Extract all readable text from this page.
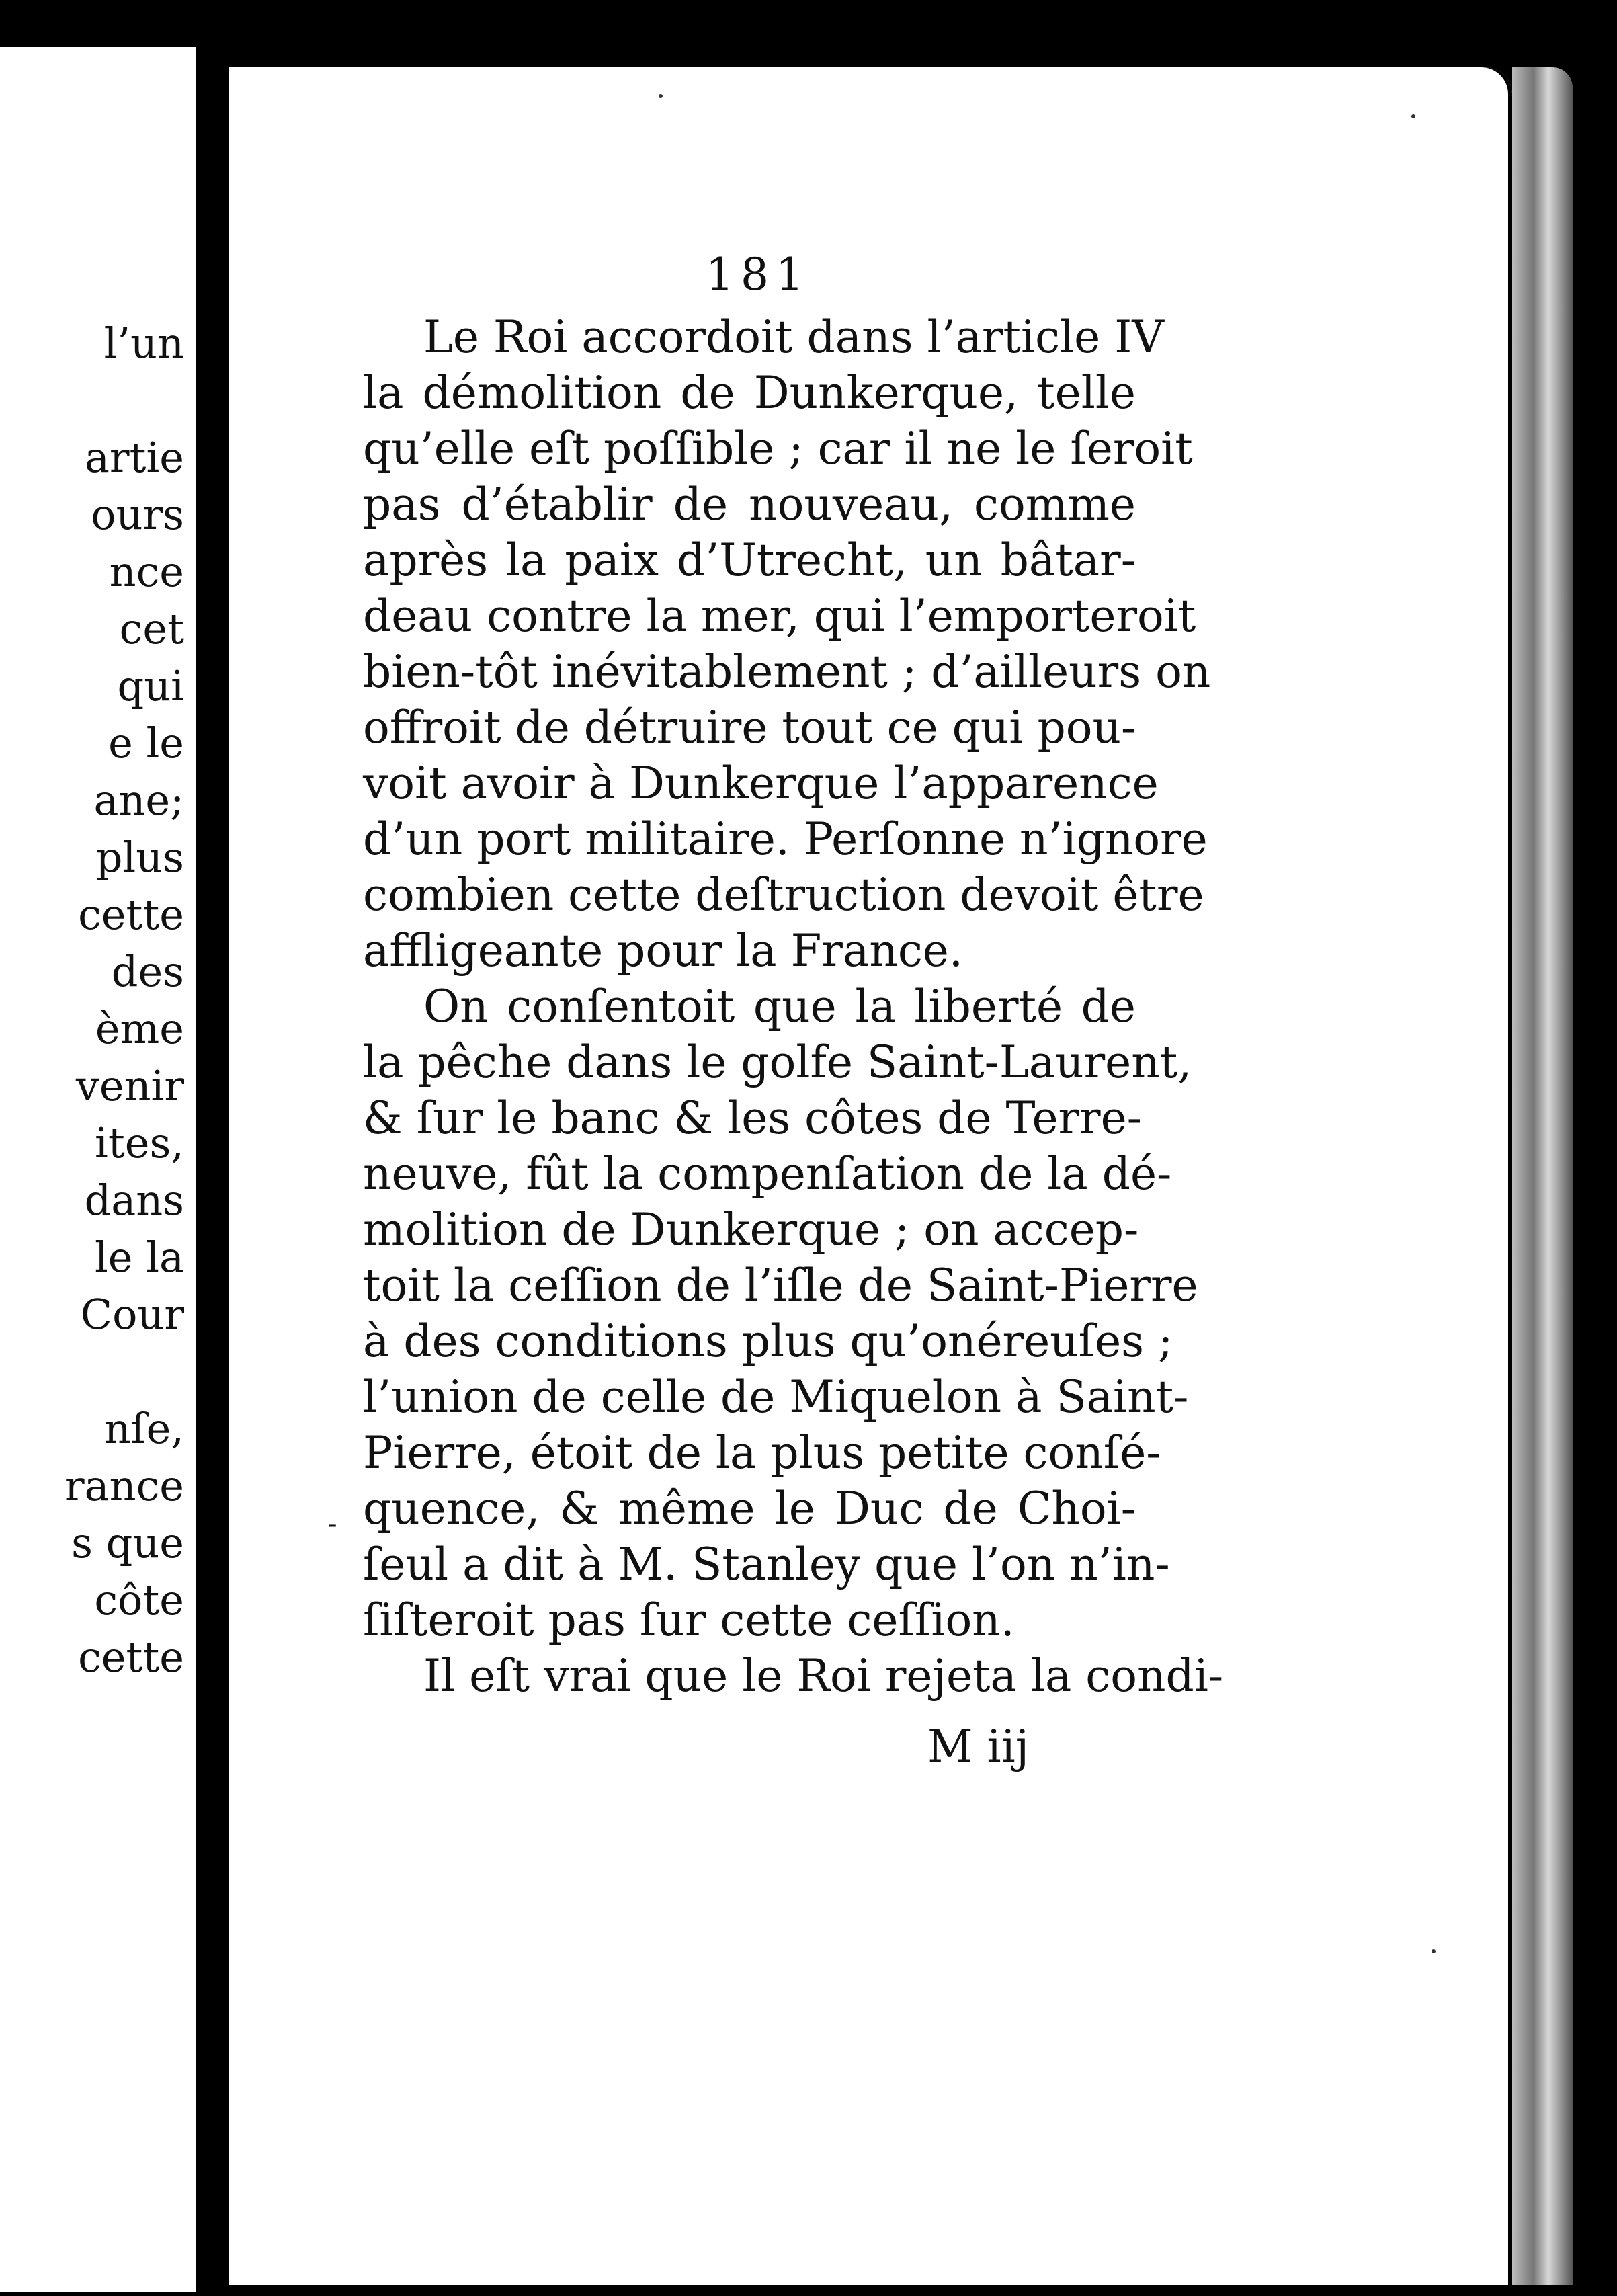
l’un
artie
ours
nce
cet
qui
e le
ane;
plus
cette
des
ème
venir
ites,
dans
le la
Cour
nſe,
rance
s que
côte
cette
181
Le Roi accordoit dans l’article IV
la démolition de Dunkerque, telle
qu’elle eſt poſſible ; car il ne le ſeroit
pas d’établir de nouveau, comme
après la paix d’Utrecht, un bâtar-
deau contre la mer, qui l’emporteroit
bien-tôt inévitablement ; d’ailleurs on
offroit de détruire tout ce qui pou-
voit avoir à Dunkerque l’apparence
d’un port militaire. Perſonne n’ignore
combien cette deſtruction devoit être
affligeante pour la France.
On conſentoit que la liberté de
la pêche dans le golfe Saint-Laurent,
& ſur le banc & les côtes de Terre-
neuve, fût la compenſation de la dé-
molition de Dunkerque ; on accep-
toit la ceſſion de l’iſle de Saint-Pierre
à des conditions plus qu’onéreuſes ;
l’union de celle de Miquelon à Saint-
Pierre, étoit de la plus petite conſé-
quence, & même le Duc de Choi-
ſeul a dit à M. Stanley que l’on n’in-
ſiſteroit pas ſur cette ceſſion.
Il eſt vrai que le Roi rejeta la condi-
-
M iij
